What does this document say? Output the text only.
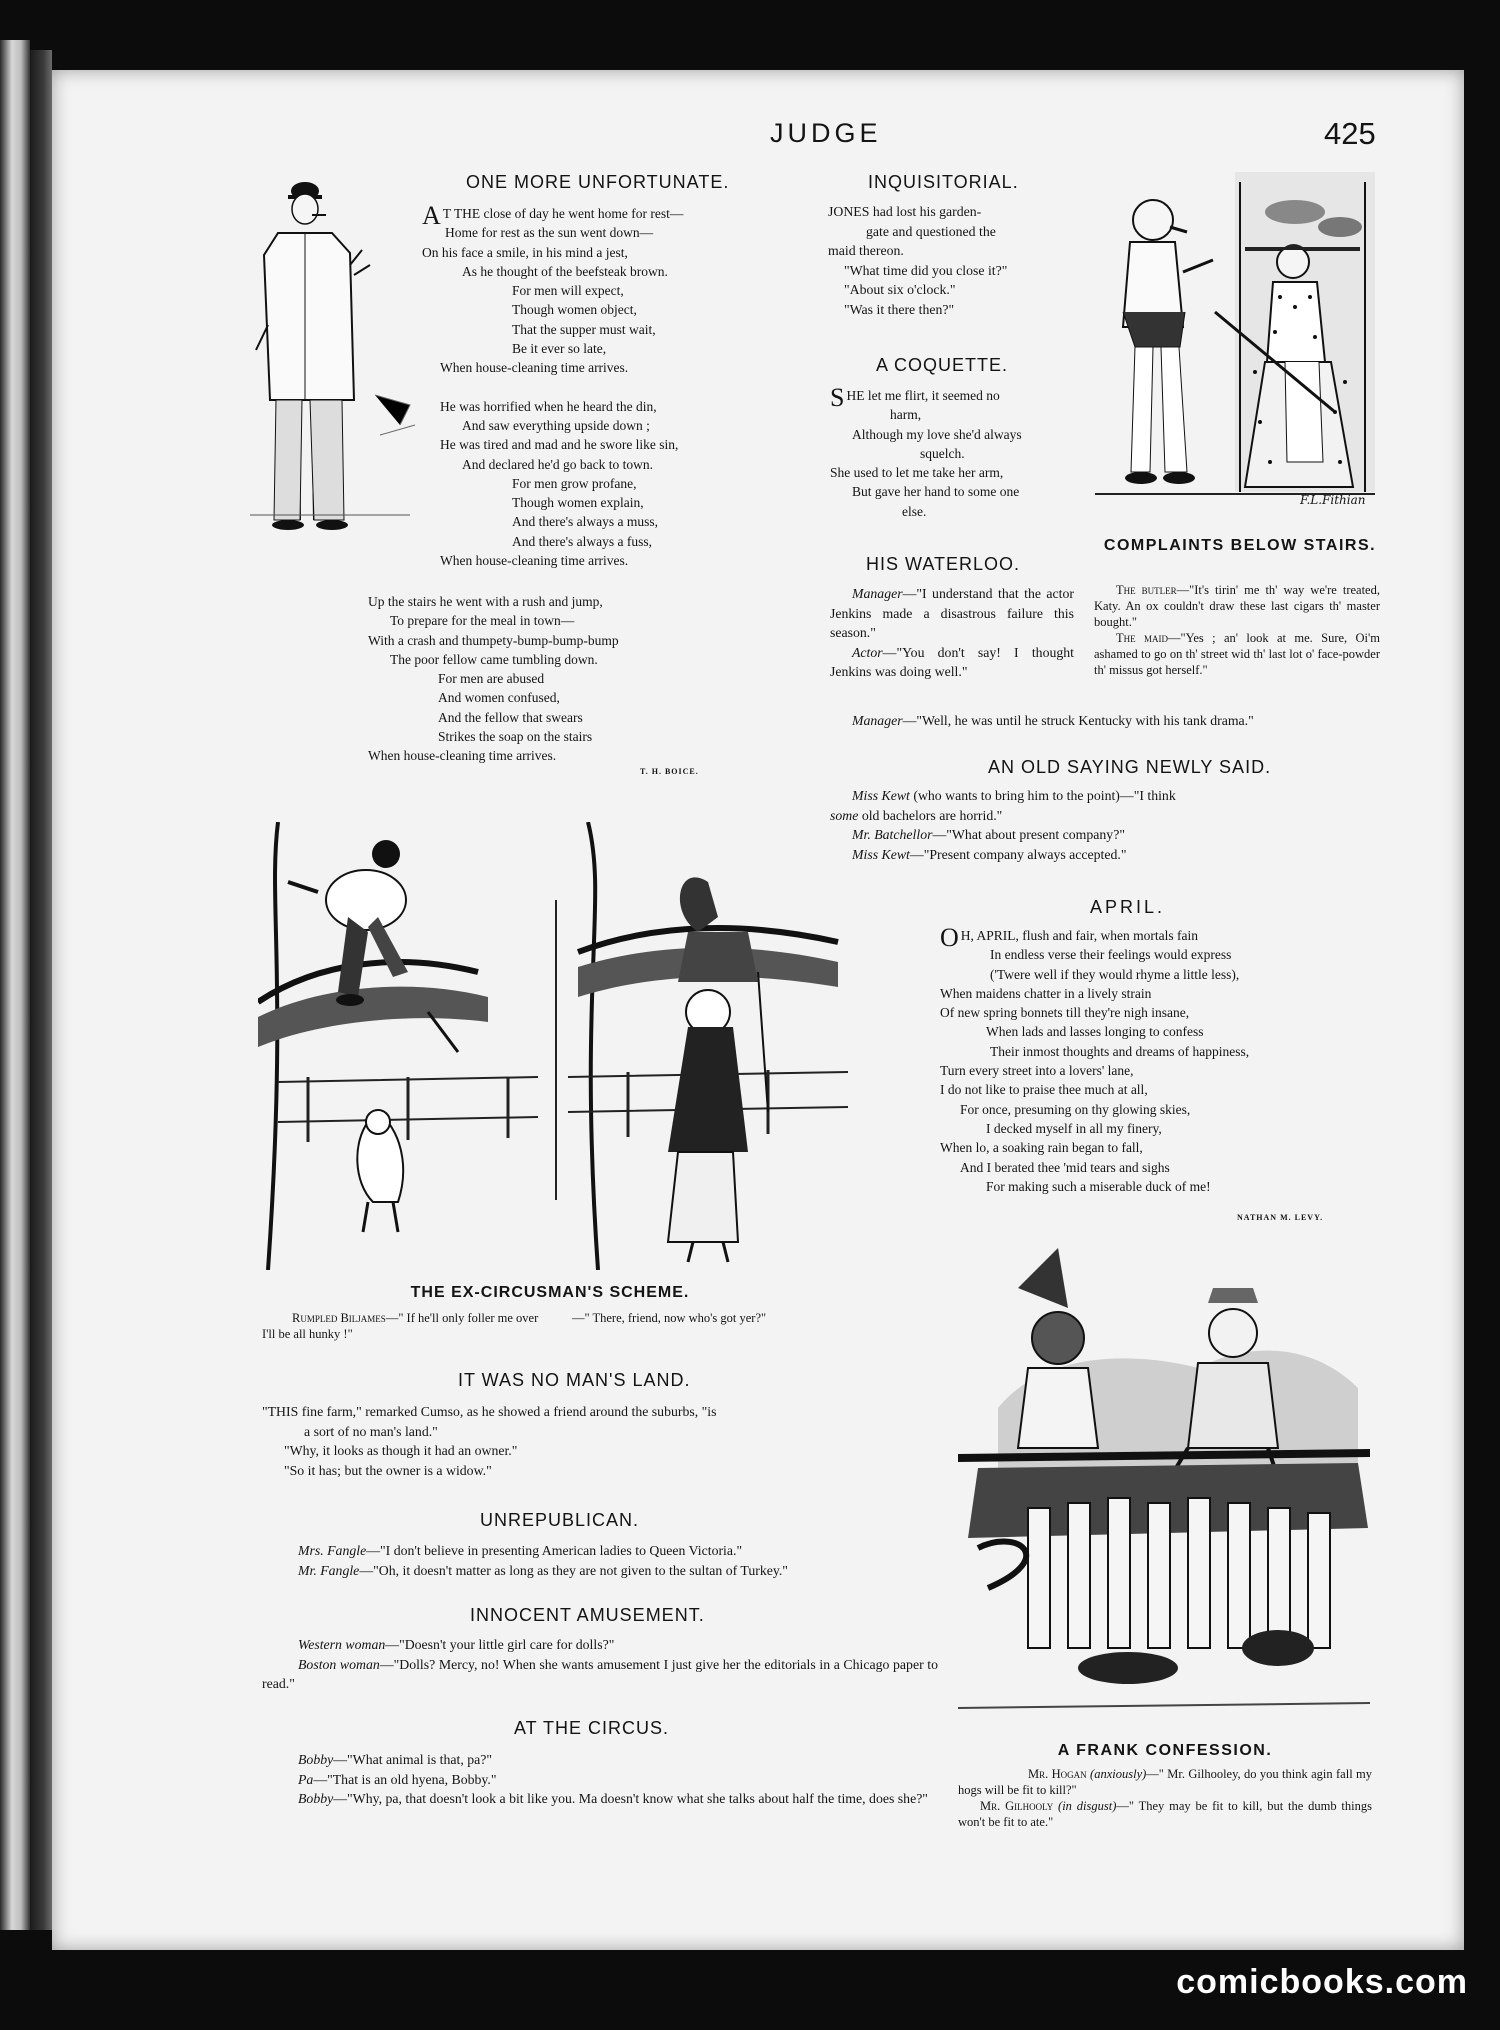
JUDGE	425
ONE MORE UNFORTUNATE.
A T THE close of day he went home for rest—
Home for rest as the sun went down—
On his face a smile, in his mind a jest,
As he thought of the beefsteak brown.
For men will expect,
Though women object,
That the supper must wait,
Be it ever so late,
When house-cleaning time arrives.
He was horrified when he heard the din,
And saw everything upside down ;
He was tired and mad and he swore like sin,
And declared he'd go back to town.
For men grow profane,
Though women explain,
And there's always a muss,
And there's always a fuss,
When house-cleaning time arrives.
Up the stairs he went with a rush and jump,
To prepare for the meal in town—
With a crash and thumpety-bump-bump-bump
The poor fellow came tumbling down.
For men are abused
And women confused,
And the fellow that swears
Strikes the soap on the stairs
When house-cleaning time arrives.
T. H. BOICE.
INQUISITORIAL.
JONES had lost his garden-
gate and questioned the
maid thereon.
"What time did you close it?"
"About six o'clock."
"Was it there then?"
A COQUETTE.
S HE let me flirt, it seemed no
harm,
Although my love she'd always
squelch.
She used to let me take her arm,
But gave her hand to some one
else.
HIS WATERLOO.

Manager—"I understand that the actor Jenkins made a disastrous failure this season."

Actor—"You don't say! I thought Jenkins was doing well."

Manager—"Well, he was until he struck Kentucky with his tank drama."

F.L.Fithian
COMPLAINTS BELOW STAIRS.

The butler—"It's tirin' me th' way we're treated, Katy. An ox couldn't draw these last cigars th' master bought."

The maid—"Yes ; an' look at me. Sure, Oi'm ashamed to go on th' street wid th' last lot o' face-powder th' missus got herself."

AN OLD SAYING NEWLY SAID.

Miss Kewt (who wants to bring him to the point)—"I think

some old bachelors are horrid."

Mr. Batchellor—"What about present company?"

Miss Kewt—"Present company always accepted."

APRIL.
O H, APRIL, flush and fair, when mortals fain
In endless verse their feelings would express
('Twere well if they would rhyme a little less),
When maidens chatter in a lively strain
Of new spring bonnets till they're nigh insane,
When lads and lasses longing to confess
Their inmost thoughts and dreams of happiness,
Turn every street into a lovers' lane,
I do not like to praise thee much at all,
For once, presuming on thy glowing skies,
I decked myself in all my finery,
When lo, a soaking rain began to fall,
And I berated thee 'mid tears and sighs
For making such a miserable duck of me!
NATHAN M. LEVY.
THE EX-CIRCUSMAN'S SCHEME.
Rumpled Biljames—" If he'll only foller me over I'll be all hunky !"
—" There, friend, now who's got yer?"
IT WAS NO MAN'S LAND.

"THIS fine farm," remarked Cumso, as he showed a friend around the suburbs, "is

a sort of no man's land."

"Why, it looks as though it had an owner."

"So it has; but the owner is a widow."

UNREPUBLICAN.

Mrs. Fangle—"I don't believe in presenting American ladies to Queen Victoria."

Mr. Fangle—"Oh, it doesn't matter as long as they are not given to the sultan of Turkey."

INNOCENT AMUSEMENT.

Western woman—"Doesn't your little girl care for dolls?"

Boston woman—"Dolls? Mercy, no! When she wants amusement I just give her the editorials in a Chicago paper to read."

AT THE CIRCUS.

Bobby—"What animal is that, pa?"

Pa—"That is an old hyena, Bobby."

Bobby—"Why, pa, that doesn't look a bit like you. Ma doesn't know what she talks about half the time, does she?"

A FRANK CONFESSION.

Mr. Hogan (anxiously)—" Mr. Gilhooley, do you think agin fall my hogs will be fit to kill?"

Mr. Gilhooly (in disgust)—" They may be fit to kill, but the dumb things won't be fit to ate."

comicbooks.com
